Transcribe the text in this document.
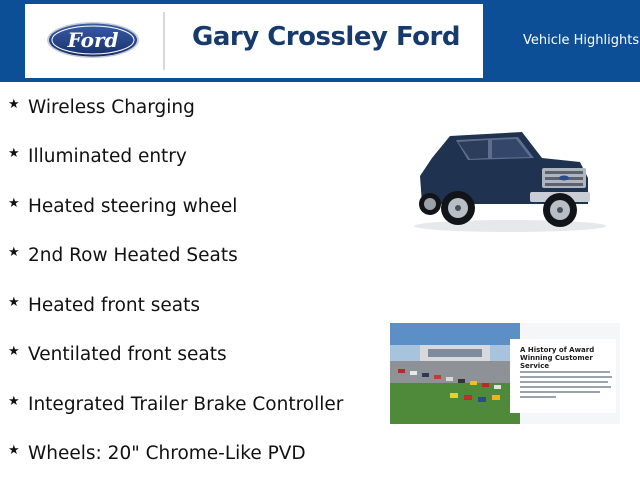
Ford	Gary Crossley Ford	Vehicle Highlights
★ Wireless Charging
★ Illuminated entry
★ Heated steering wheel
★ 2nd Row Heated Seats
★ Heated front seats
★ Ventilated front seats
★ Integrated Trailer Brake Controller
★ Wheels: 20" Chrome-Like PVD
A History of Award Winning Customer Service
